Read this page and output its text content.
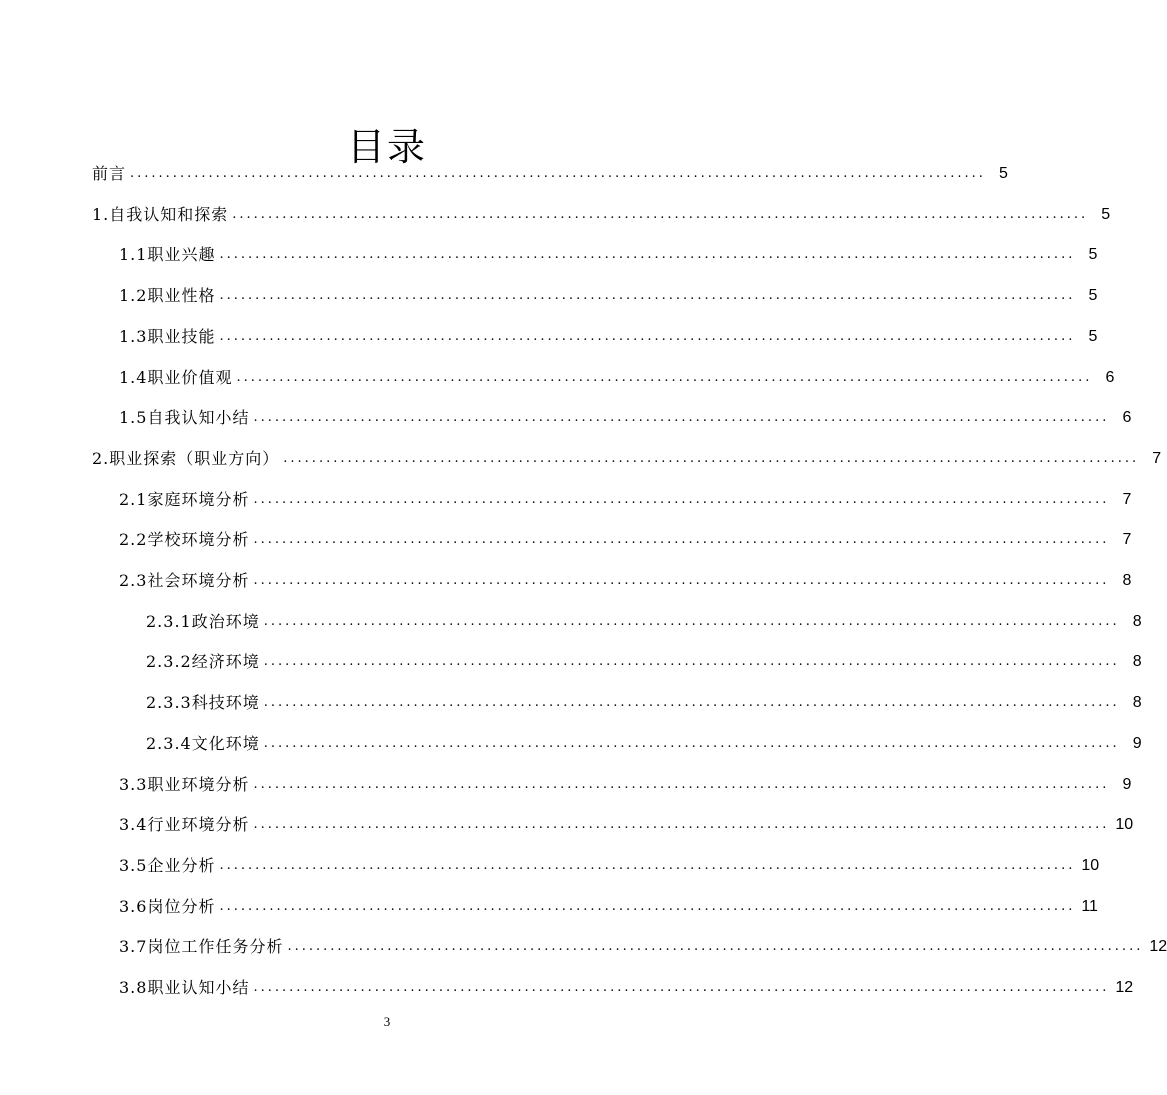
目录
前言 ........................................................................................................................ 5
1.自我认知和探索 ........................................................................................................................ 5
1.1职业兴趣 ........................................................................................................................ 5
1.2职业性格 ........................................................................................................................ 5
1.3职业技能 ........................................................................................................................ 5
1.4职业价值观 ........................................................................................................................ 6
1.5自我认知小结 ........................................................................................................................ 6
2.职业探索（职业方向） ........................................................................................................................ 7
2.1家庭环境分析 ........................................................................................................................ 7
2.2学校环境分析 ........................................................................................................................ 7
2.3社会环境分析 ........................................................................................................................ 8
2.3.1政治环境 ........................................................................................................................ 8
2.3.2经济环境 ........................................................................................................................ 8
2.3.3科技环境 ........................................................................................................................ 8
2.3.4文化环境 ........................................................................................................................ 9
3.3职业环境分析 ........................................................................................................................ 9
3.4行业环境分析 ........................................................................................................................ 10
3.5企业分析 ........................................................................................................................ 10
3.6岗位分析 ........................................................................................................................ 11
3.7岗位工作任务分析 ........................................................................................................................ 12
3.8职业认知小结 ........................................................................................................................ 12
3
